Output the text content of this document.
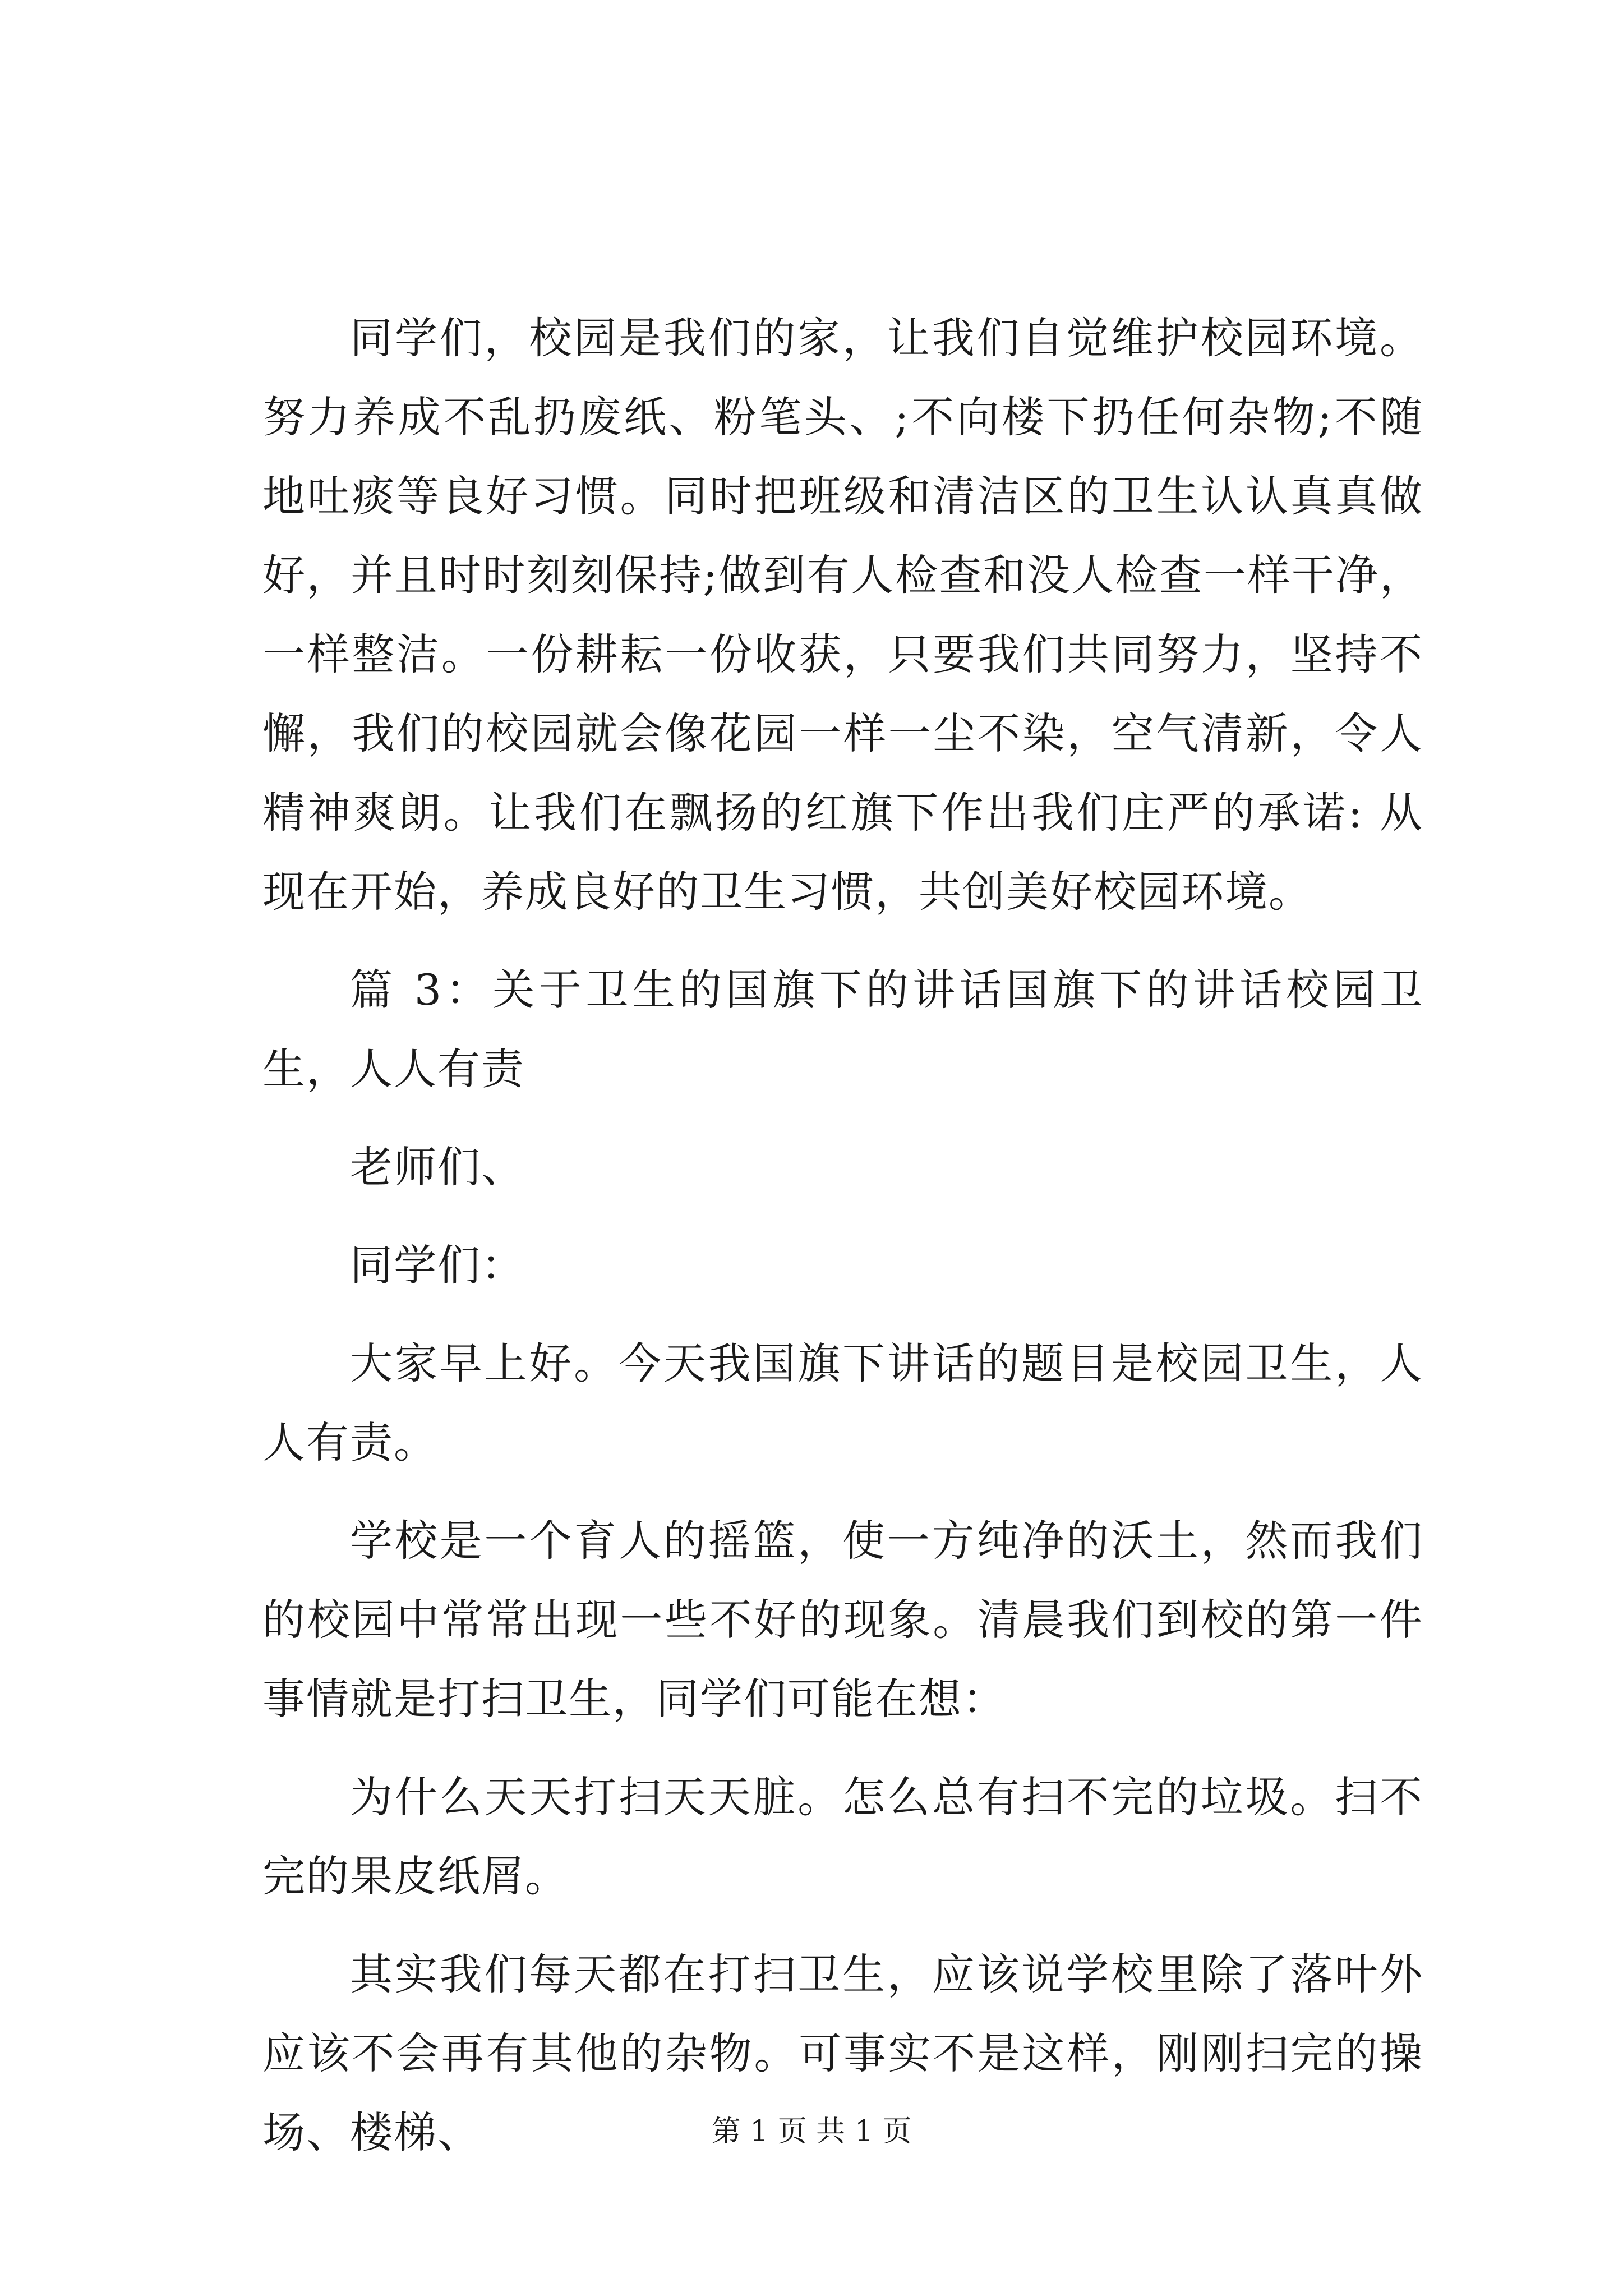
同学们，校园是我们的家，让我们自觉维护校园环境。努力养成不乱扔废纸、粉笔头、;不向楼下扔任何杂物;不随地吐痰等良好习惯。同时把班级和清洁区的卫生认认真真做好，并且时时刻刻保持;做到有人检查和没人检查一样干净，一样整洁。一份耕耘一份收获，只要我们共同努力，坚持不懈，我们的校园就会像花园一样一尘不染，空气清新，令人精神爽朗。让我们在飘扬的红旗下作出我们庄严的承诺: 从现在开始，养成良好的卫生习惯，共创美好校园环境。

篇 3：关于卫生的国旗下的讲话国旗下的讲话校园卫生，人人有责

老师们、

同学们：

大家早上好。今天我国旗下讲话的题目是校园卫生，人人有责。

学校是一个育人的摇篮，使一方纯净的沃土，然而我们的校园中常常出现一些不好的现象。清晨我们到校的第一件事情就是打扫卫生，同学们可能在想：

为什么天天打扫天天脏。怎么总有扫不完的垃圾。扫不完的果皮纸屑。

其实我们每天都在打扫卫生，应该说学校里除了落叶外应该不会再有其他的杂物。可事实不是这样，刚刚扫完的操场、楼梯、	第 1 页 共 1 页
